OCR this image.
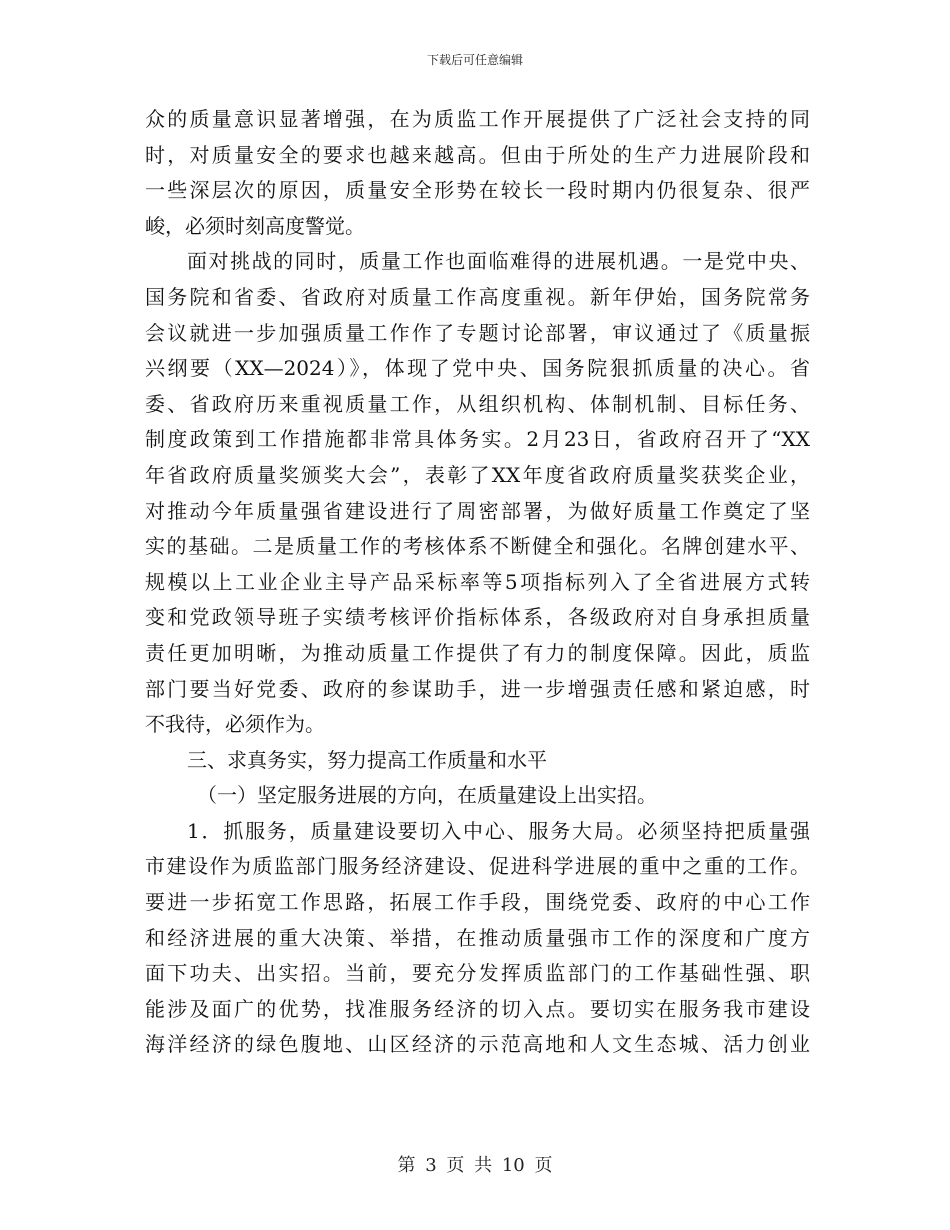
下载后可任意编辑
众的质量意识显著增强，在为质监工作开展提供了广泛社会支持的同
时，对质量安全的要求也越来越高。但由于所处的生产力进展阶段和
一些深层次的原因，质量安全形势在较长一段时期内仍很复杂、很严
峻，必须时刻高度警觉。
面对挑战的同时，质量工作也面临难得的进展机遇。一是党中央、
国务院和省委、省政府对质量工作高度重视。新年伊始，国务院常务
会议就进一步加强质量工作作了专题讨论部署，审议通过了《质量振
兴纲要（XX—2024）》，体现了党中央、国务院狠抓质量的决心。省
委、省政府历来重视质量工作，从组织机构、体制机制、目标任务、
制度政策到工作措施都非常具体务实。2月23日，省政府召开了“XX
年省政府质量奖颁奖大会”，表彰了XX年度省政府质量奖获奖企业，
对推动今年质量强省建设进行了周密部署，为做好质量工作奠定了坚
实的基础。二是质量工作的考核体系不断健全和强化。名牌创建水平、
规模以上工业企业主导产品采标率等5项指标列入了全省进展方式转
变和党政领导班子实绩考核评价指标体系，各级政府对自身承担质量
责任更加明晰，为推动质量工作提供了有力的制度保障。因此，质监
部门要当好党委、政府的参谋助手，进一步增强责任感和紧迫感，时
不我待，必须作为。
三、求真务实，努力提高工作质量和水平
（一）坚定服务进展的方向，在质量建设上出实招。
1．抓服务，质量建设要切入中心、服务大局。必须坚持把质量强
市建设作为质监部门服务经济建设、促进科学进展的重中之重的工作。
要进一步拓宽工作思路，拓展工作手段，围绕党委、政府的中心工作
和经济进展的重大决策、举措，在推动质量强市工作的深度和广度方
面下功夫、出实招。当前，要充分发挥质监部门的工作基础性强、职
能涉及面广的优势，找准服务经济的切入点。要切实在服务我市建设
海洋经济的绿色腹地、山区经济的示范高地和人文生态城、活力创业
第 3 页 共 10 页
